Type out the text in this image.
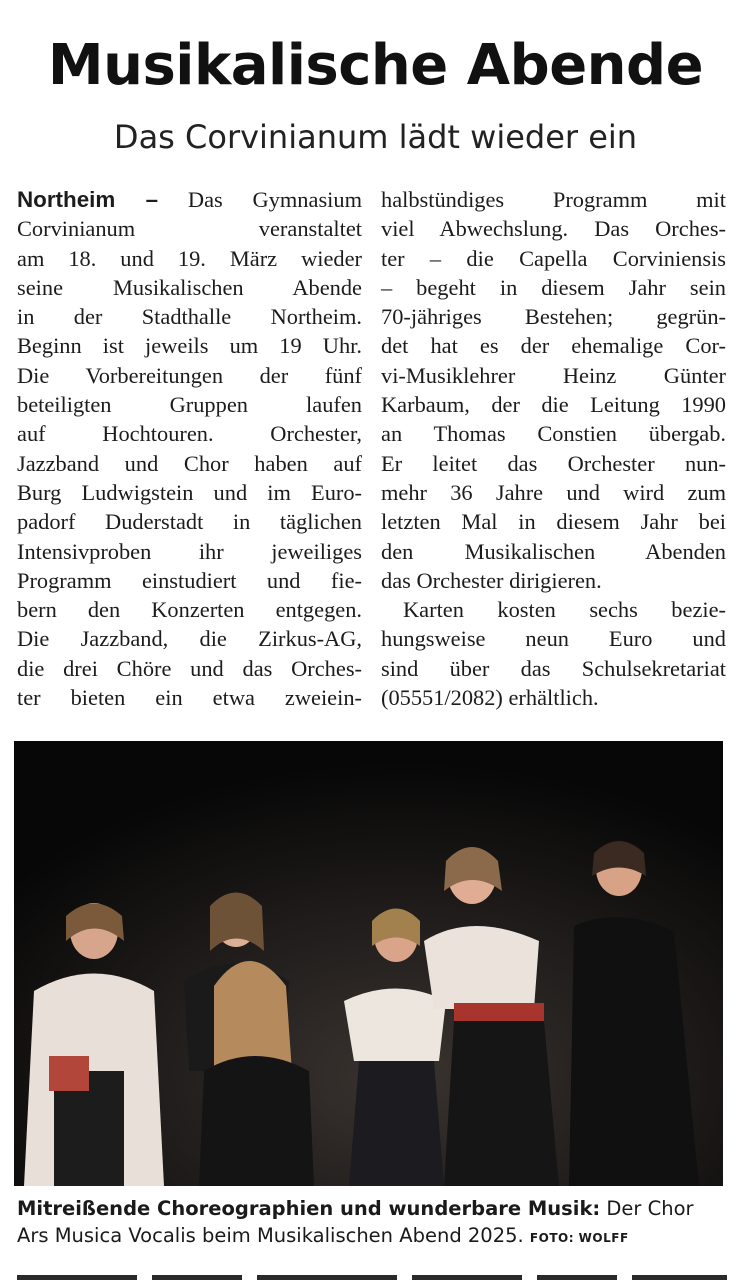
Musikalische Abende
Das Corvinianum lädt wieder ein
Northeim – Das Gymnasium
Corvinianum veranstaltet
am 18. und 19. März wieder
seine Musikalischen Abende
in der Stadthalle Northeim.
Beginn ist jeweils um 19 Uhr.
Die Vorbereitungen der fünf
beteiligten Gruppen laufen
auf Hochtouren. Orchester,
Jazzband und Chor haben auf
Burg Ludwigstein und im Euro-
padorf Duderstadt in täglichen
Intensivproben ihr jeweiliges
Programm einstudiert und fie-
bern den Konzerten entgegen.
Die Jazzband, die Zirkus-AG,
die drei Chöre und das Orches-
ter bieten ein etwa zweiein-
halbstündiges Programm mit
viel Abwechslung. Das Orches-
ter – die Capella Corviniensis
– begeht in diesem Jahr sein
70-jähriges Bestehen; gegrün-
det hat es der ehemalige Cor-
vi-Musiklehrer Heinz Günter
Karbaum, der die Leitung 1990
an Thomas Constien übergab.
Er leitet das Orchester nun-
mehr 36 Jahre und wird zum
letzten Mal in diesem Jahr bei
den Musikalischen Abenden
das Orchester dirigieren.
Karten kosten sechs bezie-
hungsweise neun Euro und
sind über das Schulsekretariat
(05551/2082) erhältlich.
Mitreißende Choreographien und wunderbare Musik: Der Chor Ars Musica Vocalis beim Musikalischen Abend 2025. FOTO: WOLFF
